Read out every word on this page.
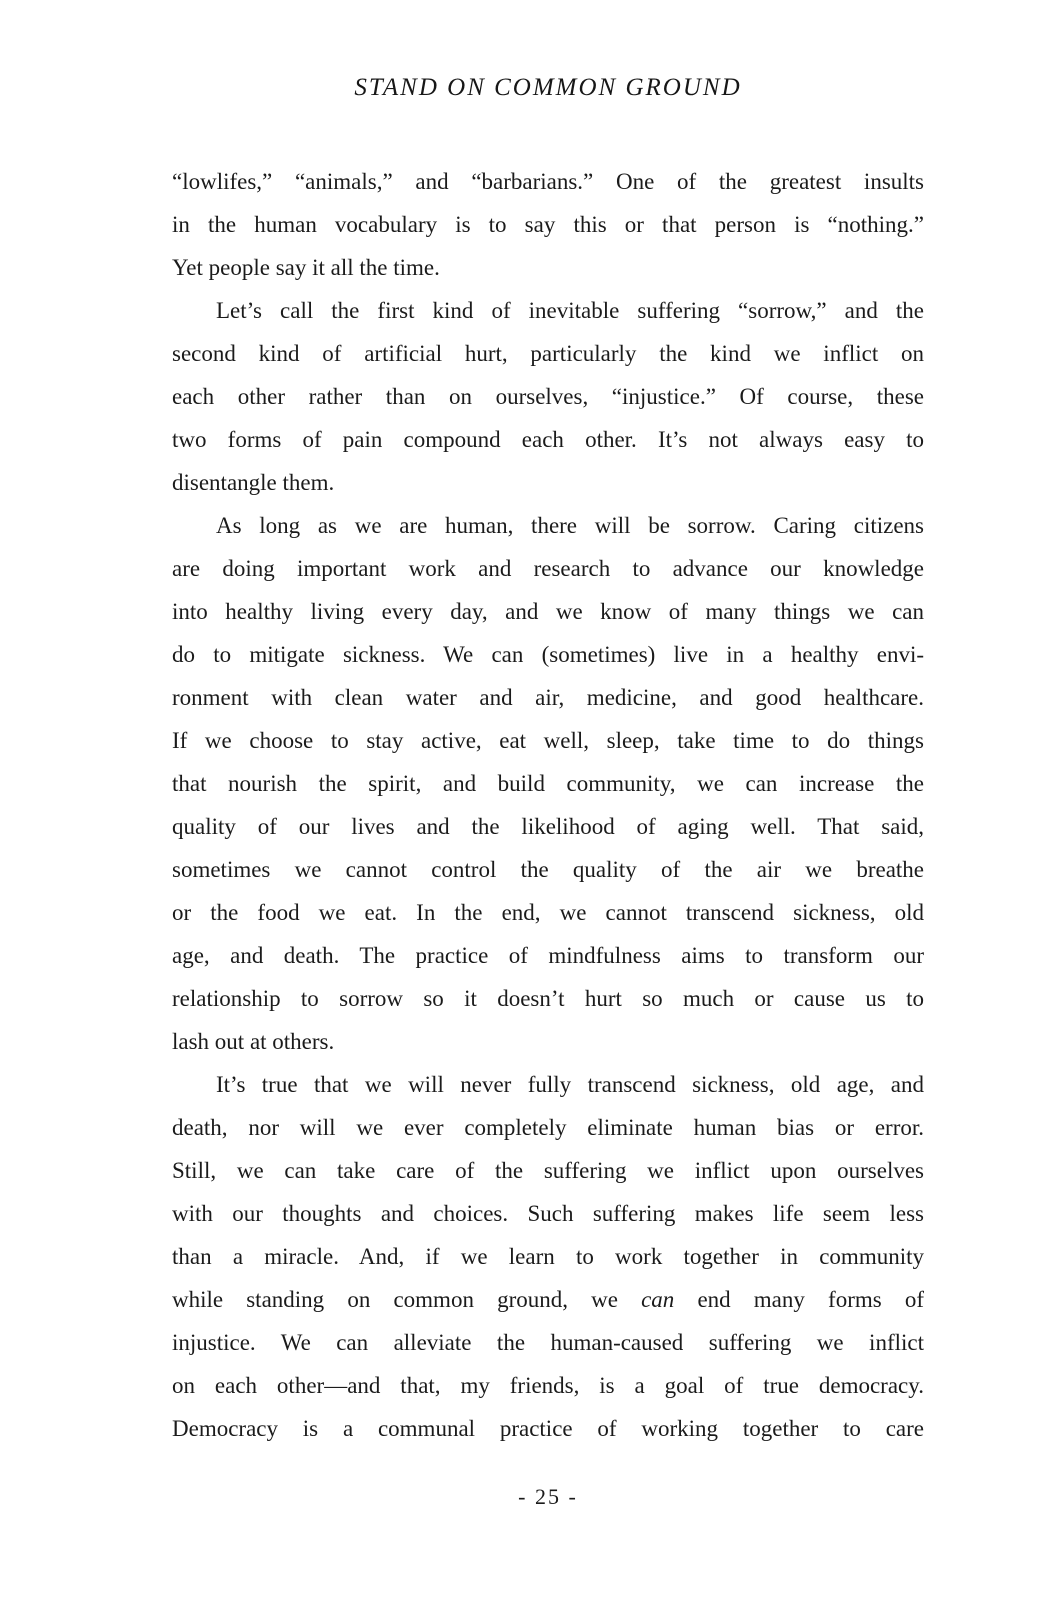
STAND ON COMMON GROUND
“lowlifes,” “animals,” and “barbarians.” One of the greatest insults
in the human vocabulary is to say this or that person is “nothing.”
Yet people say it all the time.
Let’s call the first kind of inevitable suffering “sorrow,” and the
second kind of artificial hurt, particularly the kind we inflict on
each other rather than on ourselves, “injustice.” Of course, these
two forms of pain compound each other. It’s not always easy to
disentangle them.
As long as we are human, there will be sorrow. Caring citizens
are doing important work and research to advance our knowledge
into healthy living every day, and we know of many things we can
do to mitigate sickness. We can (sometimes) live in a healthy envi-
ronment with clean water and air, medicine, and good healthcare.
If we choose to stay active, eat well, sleep, take time to do things
that nourish the spirit, and build community, we can increase the
quality of our lives and the likelihood of aging well. That said,
sometimes we cannot control the quality of the air we breathe
or the food we eat. In the end, we cannot transcend sickness, old
age, and death. The practice of mindfulness aims to transform our
relationship to sorrow so it doesn’t hurt so much or cause us to
lash out at others.
It’s true that we will never fully transcend sickness, old age, and
death, nor will we ever completely eliminate human bias or error.
Still, we can take care of the suffering we inflict upon ourselves
with our thoughts and choices. Such suffering makes life seem less
than a miracle. And, if we learn to work together in community
while standing on common ground, we can end many forms of
injustice. We can alleviate the human-caused suffering we inflict
on each other—and that, my friends, is a goal of true democracy.
Democracy is a communal practice of working together to care
- 25 -
